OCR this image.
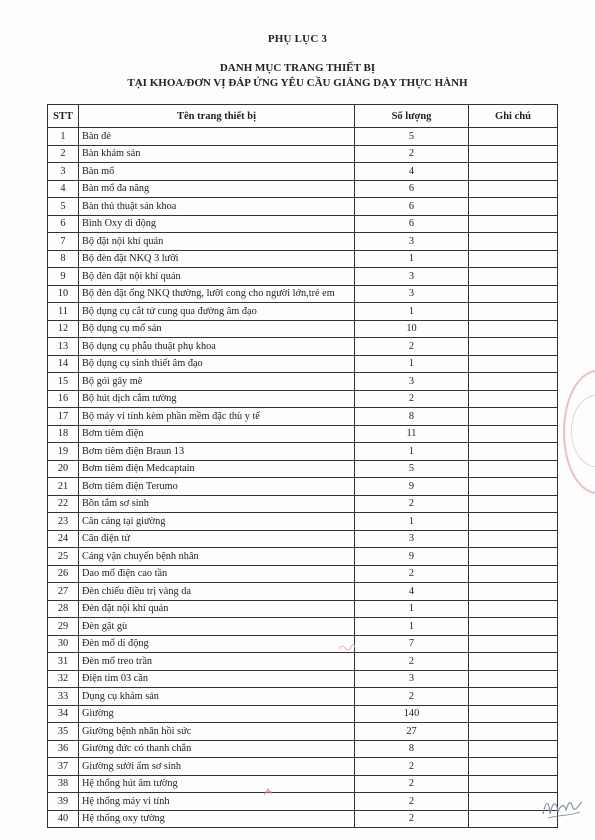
PHỤ LỤC 3
DANH MỤC TRANG THIẾT BỊ
TẠI KHOA/ĐƠN VỊ ĐÁP ỨNG YÊU CẦU GIẢNG DẠY THỰC HÀNH
STT	Tên trang thiết bị	Số lượng	Ghi chú
1	Bàn đẻ	5	
2	Bàn khám sản	2	
3	Bàn mổ	4	
4	Bàn mổ đa năng	6	
5	Bàn thủ thuật sản khoa	6	
6	Bình Oxy di động	6	
7	Bộ đặt nội khí quản	3	
8	Bộ đèn đặt NKQ 3 lưỡi	1	
9	Bộ đèn đặt nội khí quản	3	
10	Bộ đèn đặt ống NKQ thường, lưỡi cong cho người lớn,trẻ em	3	
11	Bộ dụng cụ cắt tử cung qua đường âm đạo	1	
12	Bộ dụng cụ mổ sản	10	
13	Bộ dụng cụ phẫu thuật phụ khoa	2	
14	Bộ dụng cụ sinh thiết âm đạo	1	
15	Bộ gói gây mê	3	
16	Bộ hút dịch cắm tường	2	
17	Bộ máy vi tính kèm phần mềm đặc thù y tế	8	
18	Bơm tiêm điện	11	
19	Bơm tiêm điện Braun 13	1	
20	Bơm tiêm điện Medcaptain	5	
21	Bơm tiêm điện Terumo	9	
22	Bồn tắm sơ sinh	2	
23	Cân cáng tại giường	1	
24	Cân điện tử	3	
25	Cáng vận chuyển bệnh nhân	9	
26	Dao mổ điện cao tần	2	
27	Đèn chiếu điều trị vàng da	4	
28	Đèn đặt nội khí quản	1	
29	Đèn gật gù	1	
30	Đèn mổ di động	7	
31	Đèn mổ treo trần	2	
32	Điện tim 03 cần	3	
33	Dụng cụ khám sản	2	
34	Giường	140	
35	Giường bệnh nhân hồi sức	27	
36	Giường đức có thanh chắn	8	
37	Giường sưởi ấm sơ sinh	2	
38	Hệ thống hút âm tường	2	
39	Hệ thống máy vi tính	2	
40	Hệ thống oxy tường	2	
